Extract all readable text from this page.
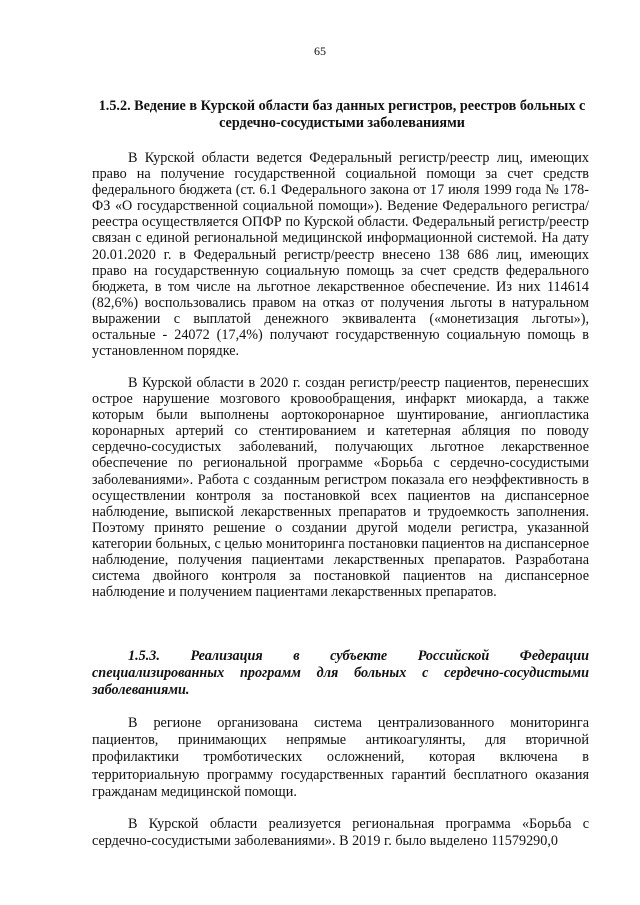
65
1.5.2. Ведение в Курской области баз данных регистров, реестров больных с сердечно-сосудистыми заболеваниями

В Курской области ведется Федеральный регистр/реестр лиц, имеющих право на получение государственной социальной помощи за счет средств федерального бюджета (ст. 6.1 Федерального закона от 17 июля 1999 года № 178-ФЗ «О государственной социальной помощи»). Ведение Федерального регистра/реестра осуществляется ОПФР по Курской области. Федеральный регистр/реестр связан с единой региональной медицинской информационной системой. На дату 20.01.2020 г. в Федеральный регистр/реестр внесено 138 686 лиц, имеющих право на государственную социальную помощь за счет средств федерального бюджета, в том числе на льготное лекарственное обеспечение. Из них 114614 (82,6%) воспользовались правом на отказ от получения льготы в натуральном выражении с выплатой денежного эквивалента («монетизация льготы»), остальные - 24072 (17,4%) получают государственную социальную помощь в установленном порядке.

В Курской области в 2020 г. создан регистр/реестр пациентов, перенесших острое нарушение мозгового кровообращения, инфаркт миокарда, а также которым были выполнены аортокоронарное шунтирование, ангиопластика коронарных артерий со стентированием и катетерная абляция по поводу сердечно-сосудистых заболеваний, получающих льготное лекарственное обеспечение по региональной программе «Борьба с сердечно-сосудистыми заболеваниями». Работа с созданным регистром показала его неэффективность в осуществлении контроля за постановкой всех пациентов на диспансерное наблюдение, выпиской лекарственных препаратов и трудоемкость заполнения. Поэтому принято решение о создании другой модели регистра, указанной категории больных, с целью мониторинга постановки пациентов на диспансерное наблюдение, получения пациентами лекарственных препаратов. Разработана система двойного контроля за постановкой пациентов на диспансерное наблюдение и получением пациентами лекарственных препаратов.

1.5.3. Реализация в субъекте Российской Федерации специализированных программ для больных с сердечно-сосудистыми заболеваниями.

В регионе организована система централизованного мониторинга пациентов, принимающих непрямые антикоагулянты, для вторичной профилактики тромботических осложнений, которая включена в территориальную программу государственных гарантий бесплатного оказания гражданам медицинской помощи.

В Курской области реализуется региональная программа «Борьба с сердечно-сосудистыми заболеваниями». В 2019 г. было выделено 11579290,0
